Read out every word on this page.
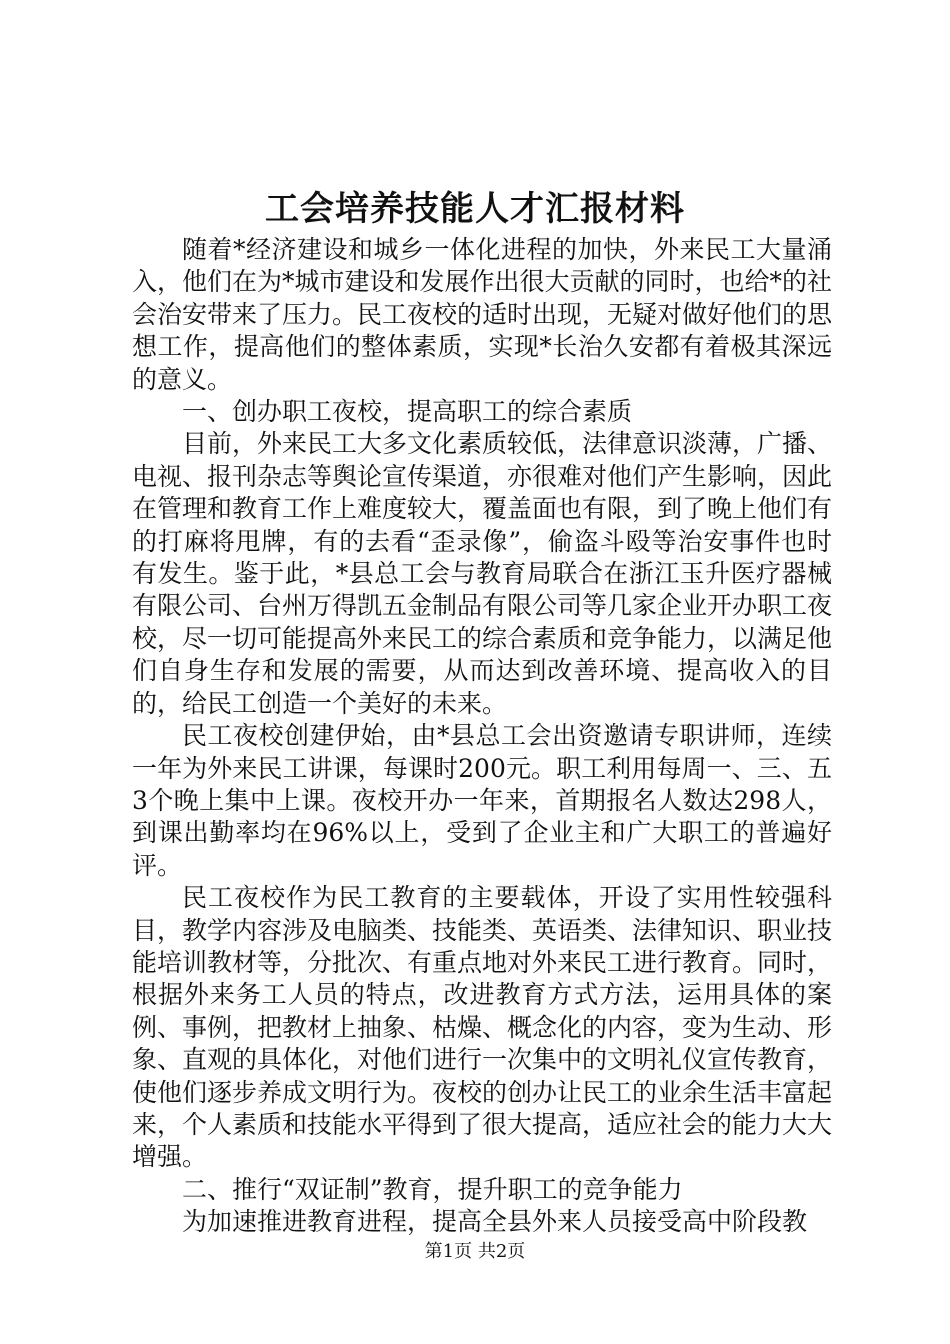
工会培养技能人才汇报材料

随着*经济建设和城乡一体化进程的加快，外来民工大量涌入，他们在为*城市建设和发展作出很大贡献的同时，也给*的社会治安带来了压力。民工夜校的适时出现，无疑对做好他们的思想工作，提高他们的整体素质，实现*长治久安都有着极其深远的意义。

一、创办职工夜校，提高职工的综合素质

目前，外来民工大多文化素质较低，法律意识淡薄，广播、电视、报刊杂志等舆论宣传渠道，亦很难对他们产生影响，因此在管理和教育工作上难度较大，覆盖面也有限，到了晚上他们有的打麻将甩牌，有的去看“歪录像”，偷盗斗殴等治安事件也时有发生。鉴于此，*县总工会与教育局联合在浙江玉升医疗器械有限公司、台州万得凯五金制品有限公司等几家企业开办职工夜校，尽一切可能提高外来民工的综合素质和竞争能力，以满足他们自身生存和发展的需要，从而达到改善环境、提高收入的目的，给民工创造一个美好的未来。

民工夜校创建伊始，由*县总工会出资邀请专职讲师，连续一年为外来民工讲课，每课时200元。职工利用每周一、三、五3个晚上集中上课。夜校开办一年来，首期报名人数达298人，到课出勤率均在96%以上，受到了企业主和广大职工的普遍好评。

民工夜校作为民工教育的主要载体，开设了实用性较强科目，教学内容涉及电脑类、技能类、英语类、法律知识、职业技能培训教材等，分批次、有重点地对外来民工进行教育。同时，根据外来务工人员的特点，改进教育方式方法，运用具体的案例、事例，把教材上抽象、枯燥、概念化的内容，变为生动、形象、直观的具体化，对他们进行一次集中的文明礼仪宣传教育，使他们逐步养成文明行为。夜校的创办让民工的业余生活丰富起来，个人素质和技能水平得到了很大提高，适应社会的能力大大增强。

二、推行“双证制”教育，提升职工的竞争能力

为加速推进教育进程，提高全县外来人员接受高中阶段教

第1页 共2页
